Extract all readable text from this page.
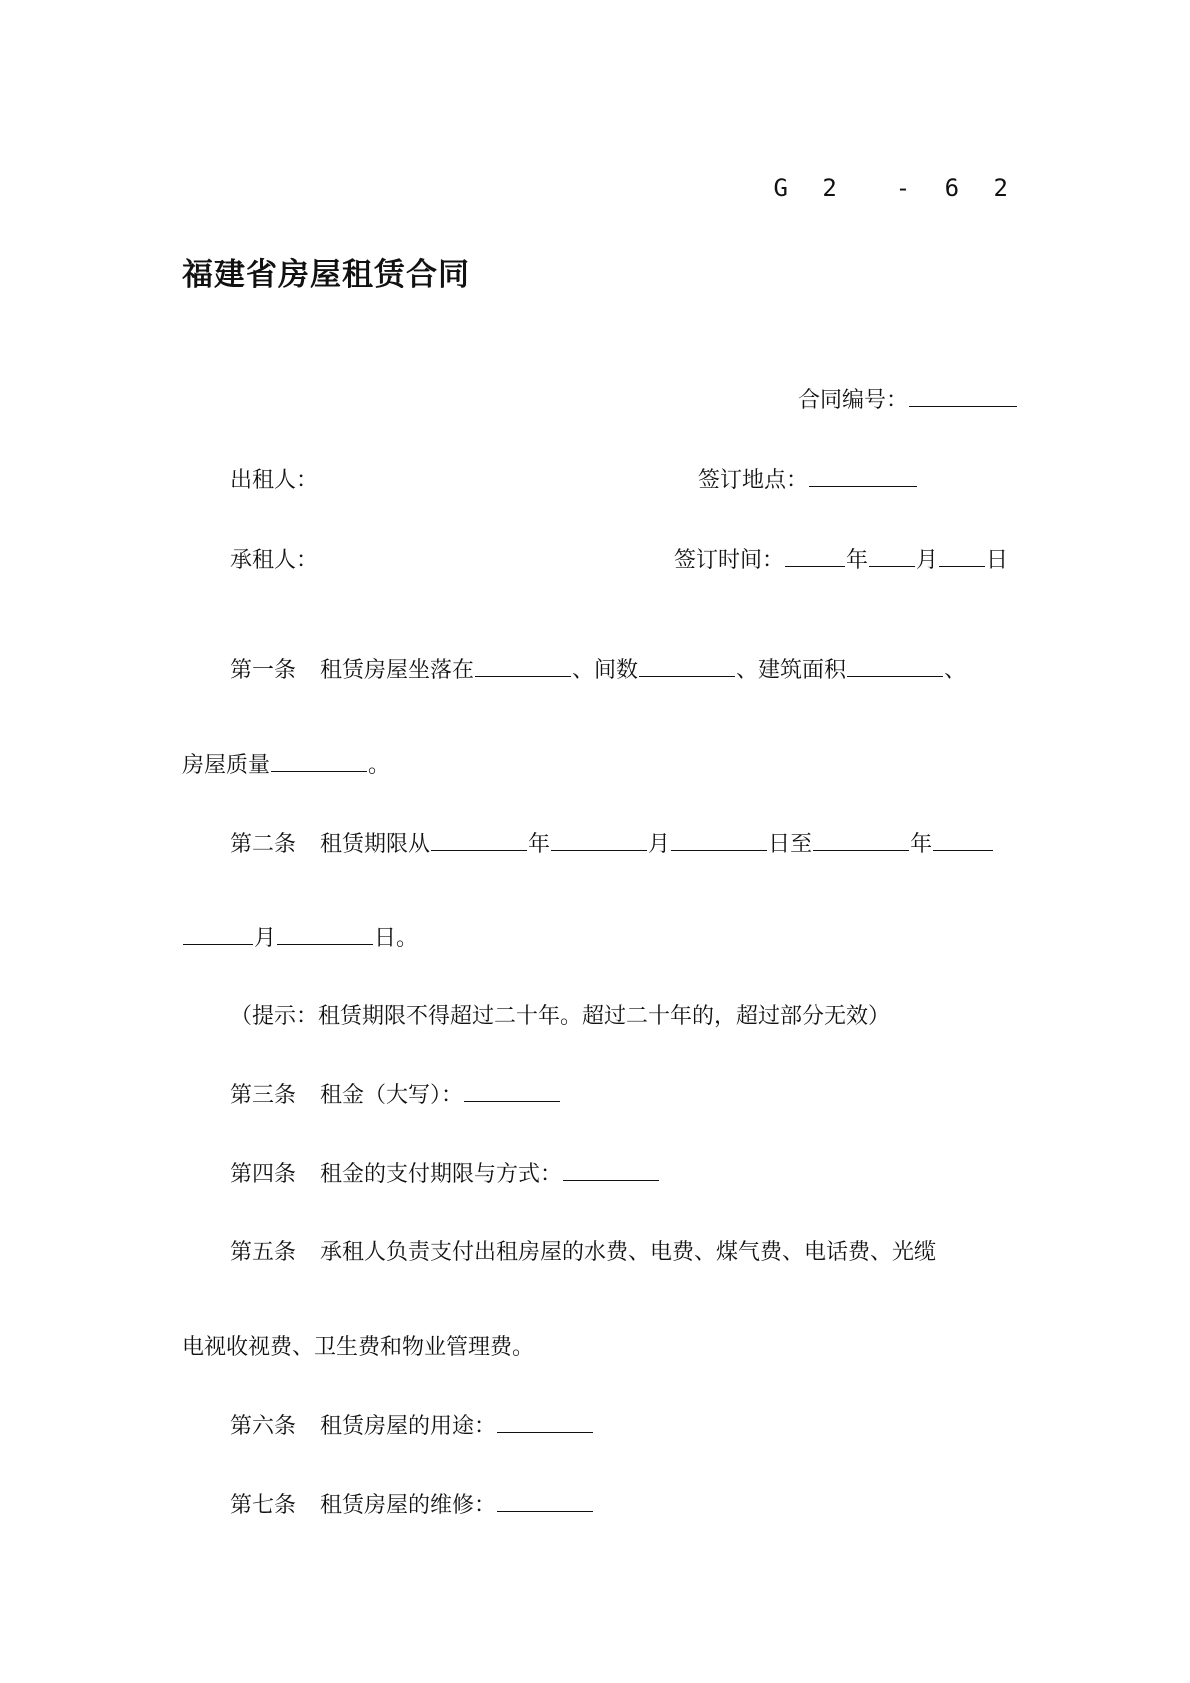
G 2  - 6 2
福建省房屋租赁合同
合同编号：
出租人：	签订地点：
承租人：	签订时间：	年 月 日
第一条 租赁房屋坐落在	、间数	、建筑面积	、
房屋质量	。
第二条 租赁期限从	年	月	日至	年
月	日。
（提示：租赁期限不得超过二十年。超过二十年的，超过部分无效）
第三条 租金（大写）：
第四条 租金的支付期限与方式：
第五条 承租人负责支付出租房屋的水费、电费、煤气费、电话费、光缆
电视收视费、卫生费和物业管理费。
第六条 租赁房屋的用途：
第七条 租赁房屋的维修：
